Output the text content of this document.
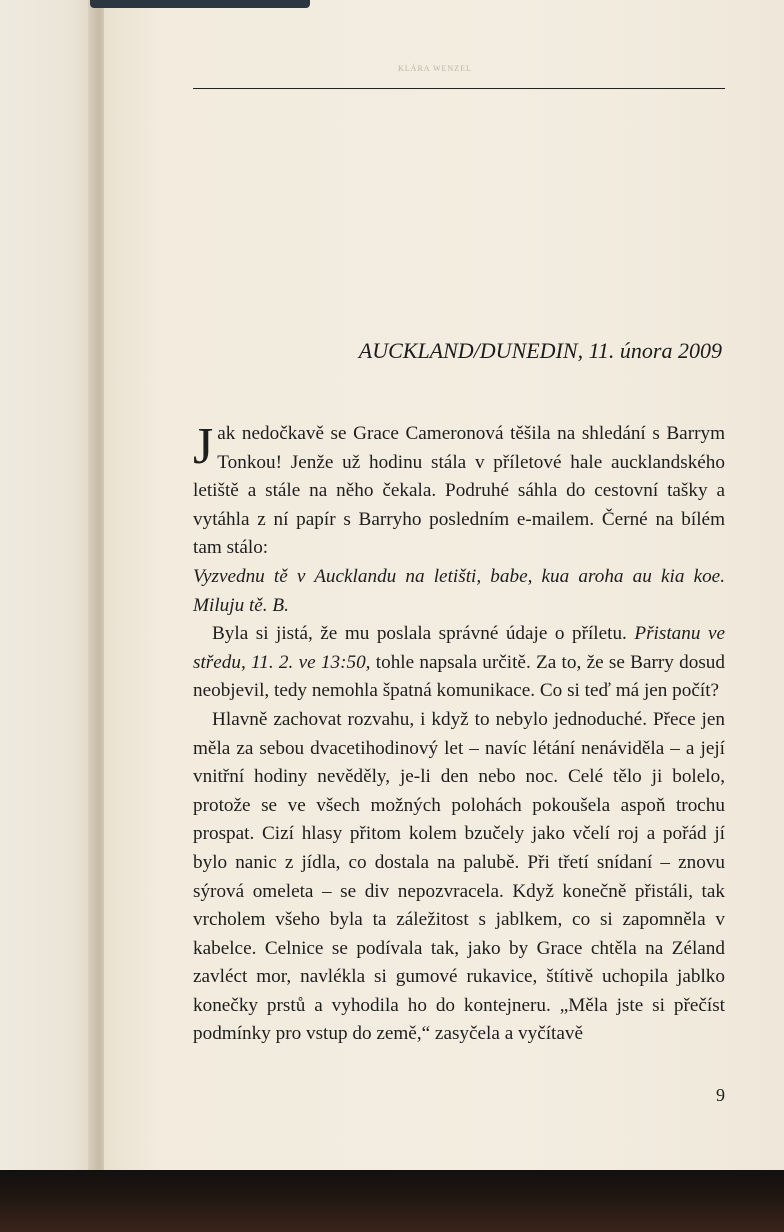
KLÁRA WENZEL
AUCKLAND/DUNEDIN, 11. února 2009

Jak nedočkavě se Grace Cameronová těšila na shledání s Barrym Tonkou! Jenže už hodinu stála v příletové hale aucklandského letiště a stále na něho čekala. Podruhé sáhla do cestovní tašky a vytáhla z ní papír s Barryho posledním e-mailem. Černé na bílém tam stálo:

Vyzvednu tě v Aucklandu na letišti, babe, kua aroha au kia koe. Miluju tě. B.

Byla si jistá, že mu poslala správné údaje o příletu. Přistanu ve středu, 11. 2. ve 13:50, tohle napsala určitě. Za to, že se Barry dosud neobjevil, tedy nemohla špatná komunikace. Co si teď má jen počít?

Hlavně zachovat rozvahu, i když to nebylo jednoduché. Přece jen měla za sebou dvacetihodinový let – navíc létání nenáviděla – a její vnitřní hodiny nevěděly, je-li den nebo noc. Celé tělo ji bolelo, protože se ve všech možných polohách pokoušela aspoň trochu prospat. Cizí hlasy přitom kolem bzučely jako včelí roj a pořád jí bylo nanic z jídla, co dostala na palubě. Při třetí snídaní – znovu sýrová omeleta – se div nepozvracela. Když konečně přistáli, tak vrcholem všeho byla ta záležitost s jablkem, co si zapomněla v kabelce. Celnice se podívala tak, jako by Grace chtěla na Zéland zavléct mor, navlékla si gumové rukavice, štítivě uchopila jablko konečky prstů a vyhodila ho do kontejneru. „Měla jste si přečíst podmínky pro vstup do země,“ zasyčela a vyčítavě

9
